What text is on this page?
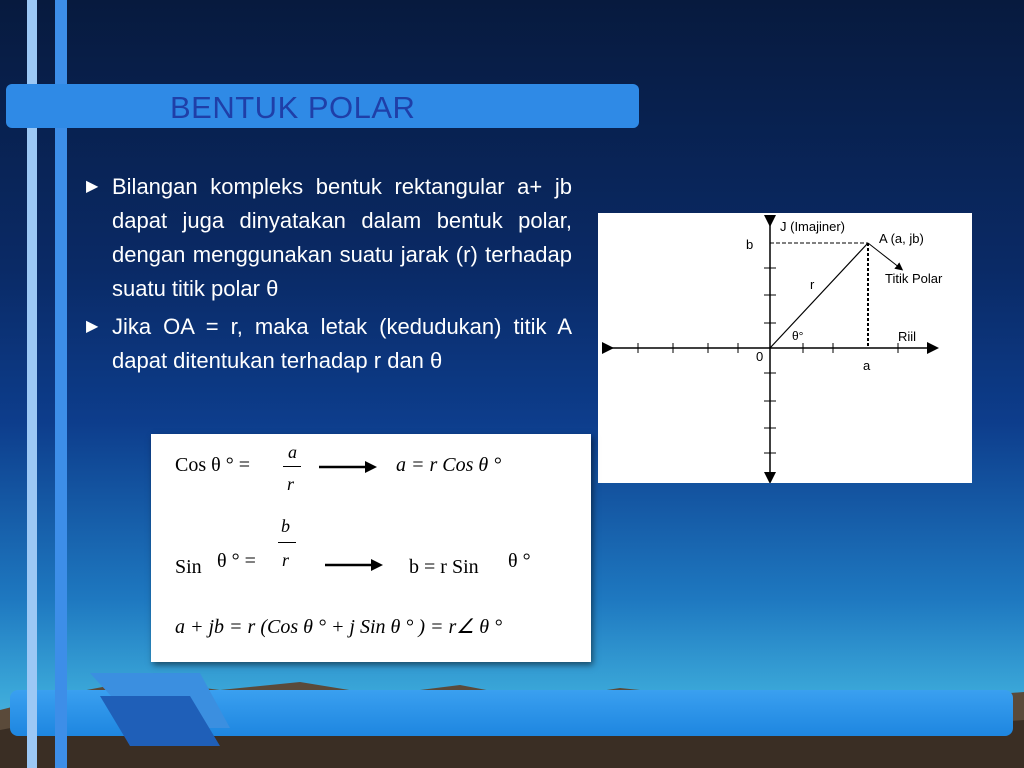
BENTUK POLAR
▶ Bilangan kompleks bentuk rektangular a+ jb dapat juga dinyatakan dalam bentuk polar, dengan menggunakan suatu jarak (r) terhadap suatu titik polar θ
▶ Jika OA = r, maka letak (kedudukan) titik A dapat ditentukan terhadap r dan θ
J (Imajiner)
A (a, jb)
Titik Polar
b
r
θ°	Riil
0
a
Cos θ ° =
a
r
a = r Cos θ °
Sin θ ° =
b
r	b = r Sin θ °
a + jb = r (Cos θ ° + j Sin θ ° ) = r∠ θ °
